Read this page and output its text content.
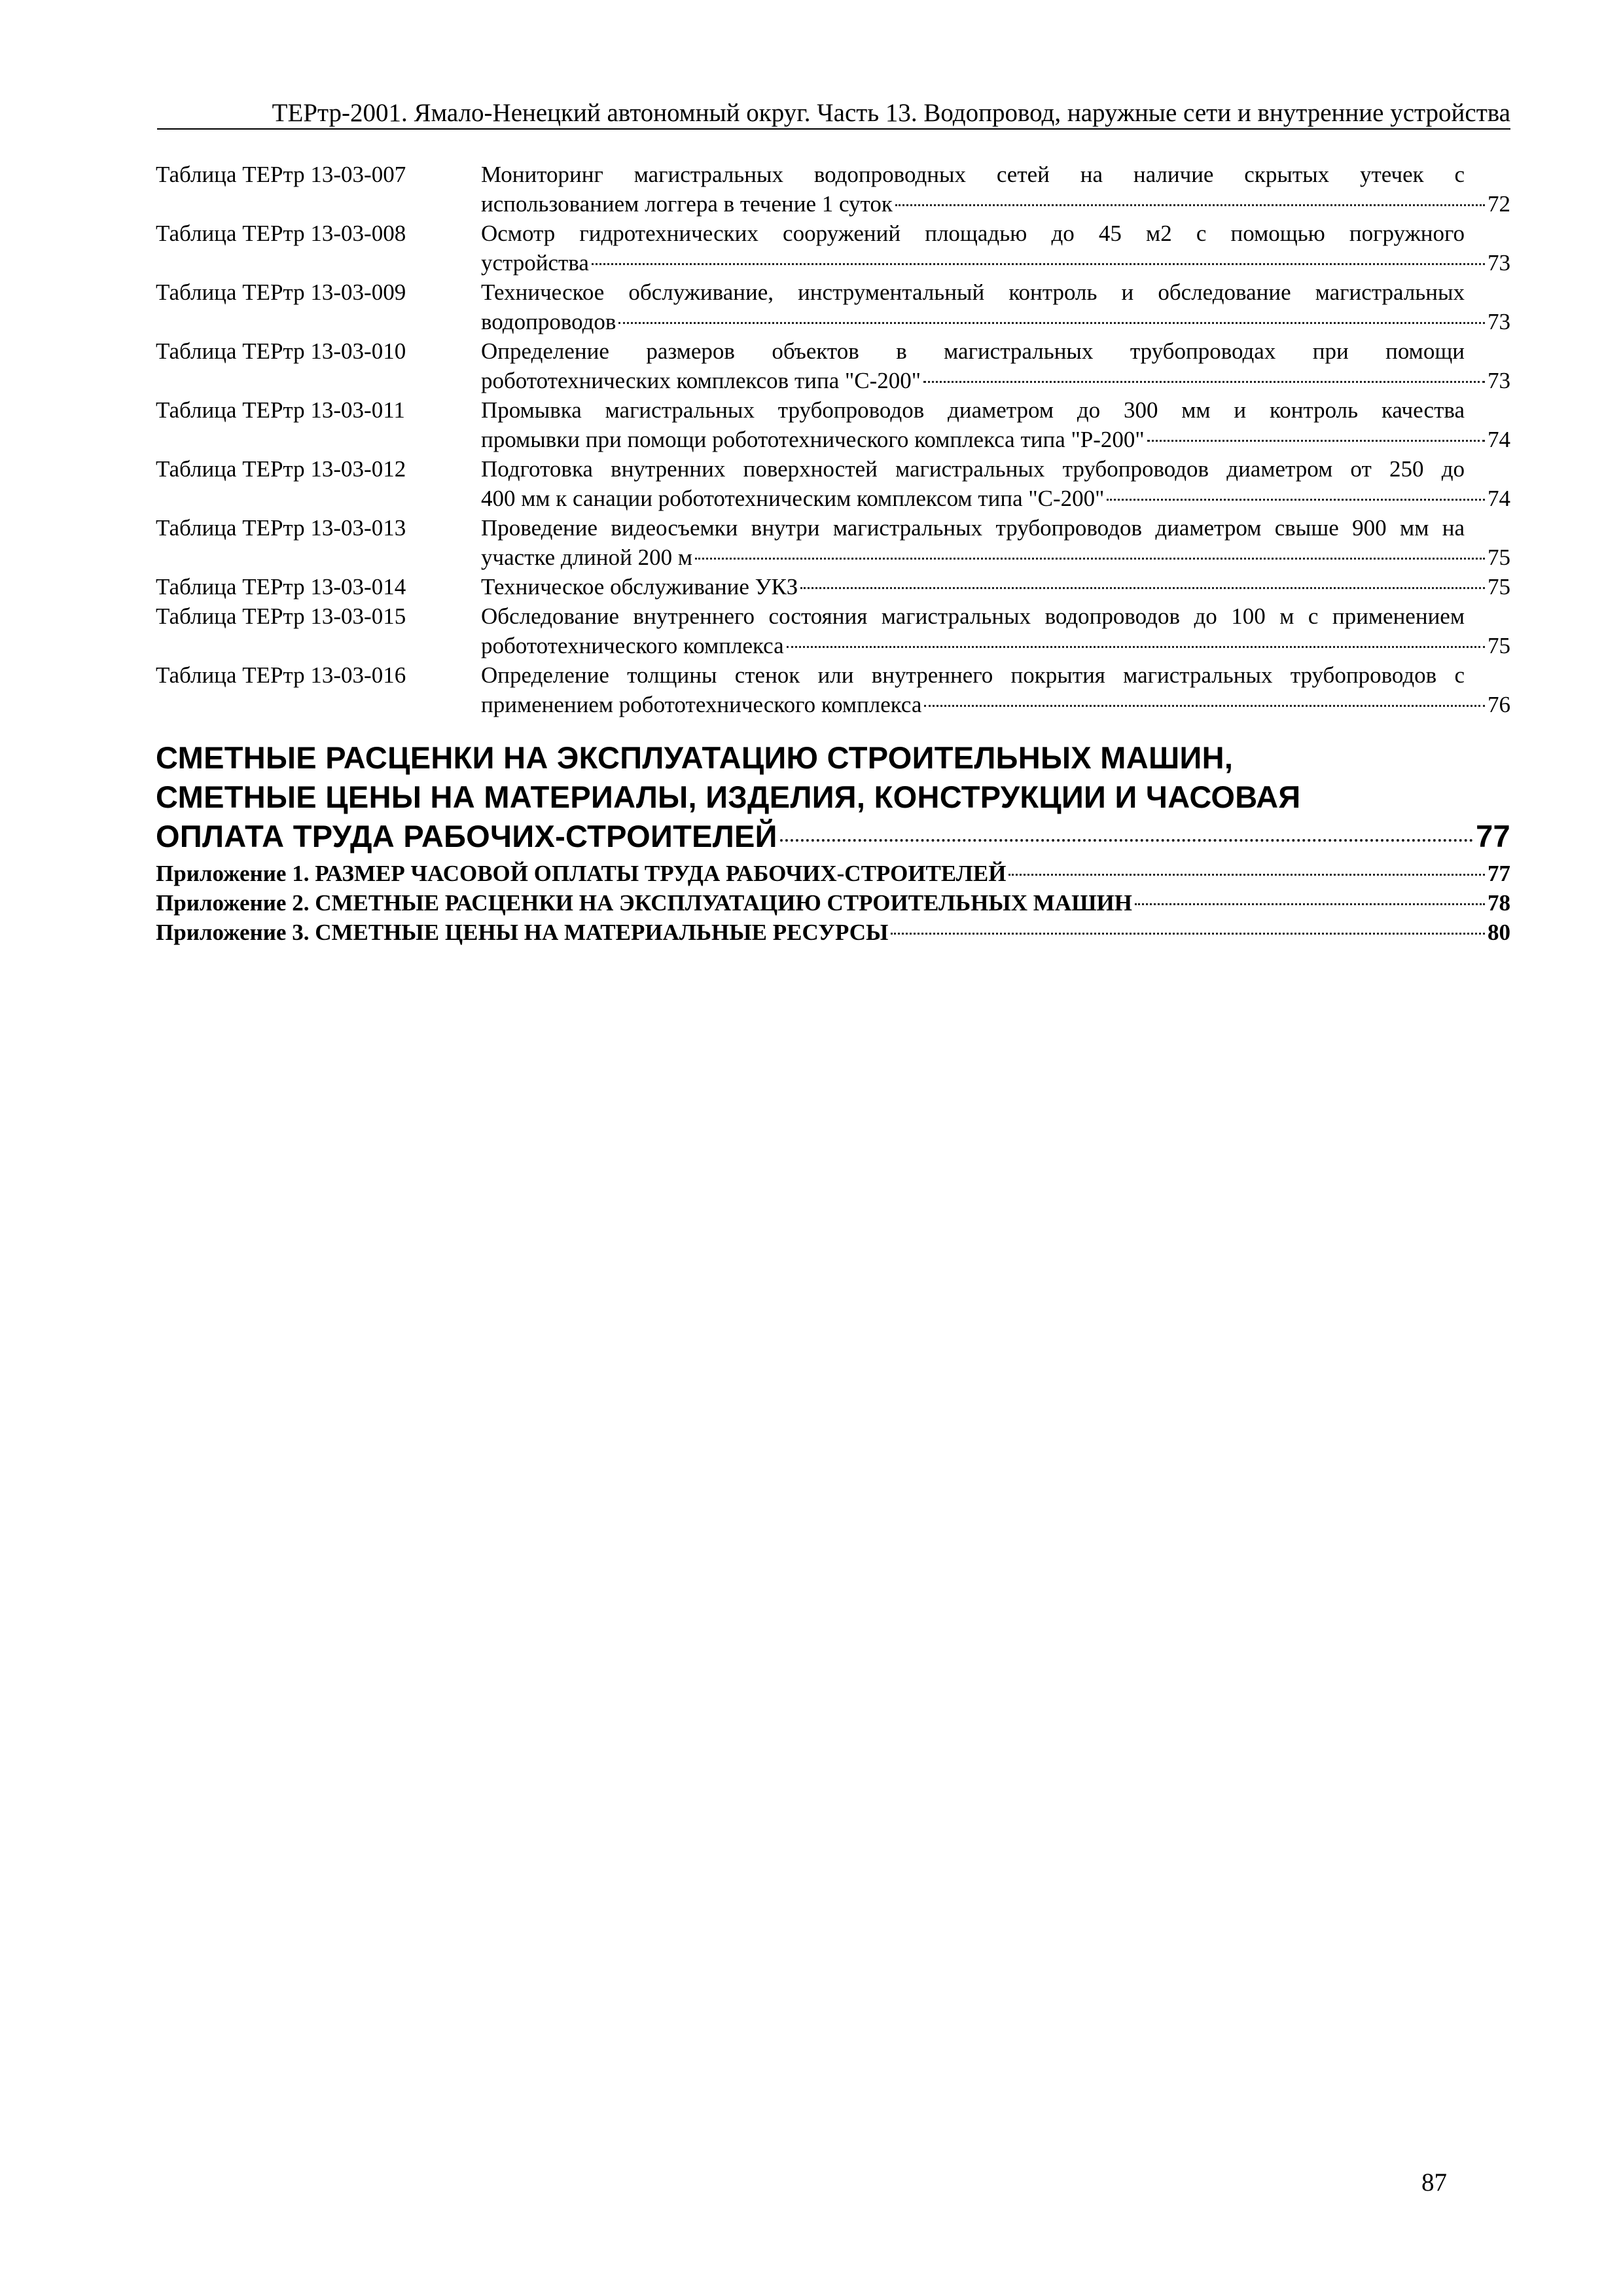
ТЕРтр-2001. Ямало-Ненецкий автономный округ. Часть 13. Водопровод, наружные сети и внутренние устройства
Таблица ТЕРтр 13-03-007	Мониторинг магистральных водопроводных сетей на наличие скрытых утечек с
использованием логгера в течение 1 суток	72
Таблица ТЕРтр 13-03-008	Осмотр гидротехнических сооружений площадью до 45 м2 с помощью погружного
устройства	73
Таблица ТЕРтр 13-03-009	Техническое обслуживание, инструментальный контроль и обследование магистральных
водопроводов	73
Таблица ТЕРтр 13-03-010	Определение размеров объектов в магистральных трубопроводах при помощи
робототехнических комплексов типа "С-200"	73
Таблица ТЕРтр 13-03-011	Промывка магистральных трубопроводов диаметром до 300 мм и контроль качества
промывки при помощи робототехнического комплекса типа "Р-200"	74
Таблица ТЕРтр 13-03-012	Подготовка внутренних поверхностей магистральных трубопроводов диаметром от 250 до
400 мм к санации робототехническим комплексом типа "С-200"	74
Таблица ТЕРтр 13-03-013	Проведение видеосъемки внутри магистральных трубопроводов диаметром свыше 900 мм на
участке длиной 200 м	75
Таблица ТЕРтр 13-03-014	Техническое обслуживание УКЗ	75
Таблица ТЕРтр 13-03-015	Обследование внутреннего состояния магистральных водопроводов до 100 м с применением
робототехнического комплекса	75
Таблица ТЕРтр 13-03-016	Определение толщины стенок или внутреннего покрытия магистральных трубопроводов с
применением робототехнического комплекса	76
СМЕТНЫЕ РАСЦЕНКИ НА ЭКСПЛУАТАЦИЮ СТРОИТЕЛЬНЫХ МАШИН,
СМЕТНЫЕ ЦЕНЫ НА МАТЕРИАЛЫ, ИЗДЕЛИЯ, КОНСТРУКЦИИ И ЧАСОВАЯ
ОПЛАТА ТРУДА РАБОЧИХ-СТРОИТЕЛЕЙ	77
Приложение 1. РАЗМЕР ЧАСОВОЙ ОПЛАТЫ ТРУДА РАБОЧИХ-СТРОИТЕЛЕЙ	77
Приложение 2. СМЕТНЫЕ РАСЦЕНКИ НА ЭКСПЛУАТАЦИЮ СТРОИТЕЛЬНЫХ МАШИН	78
Приложение 3. СМЕТНЫЕ ЦЕНЫ НА МАТЕРИАЛЬНЫЕ РЕСУРСЫ	80
87
